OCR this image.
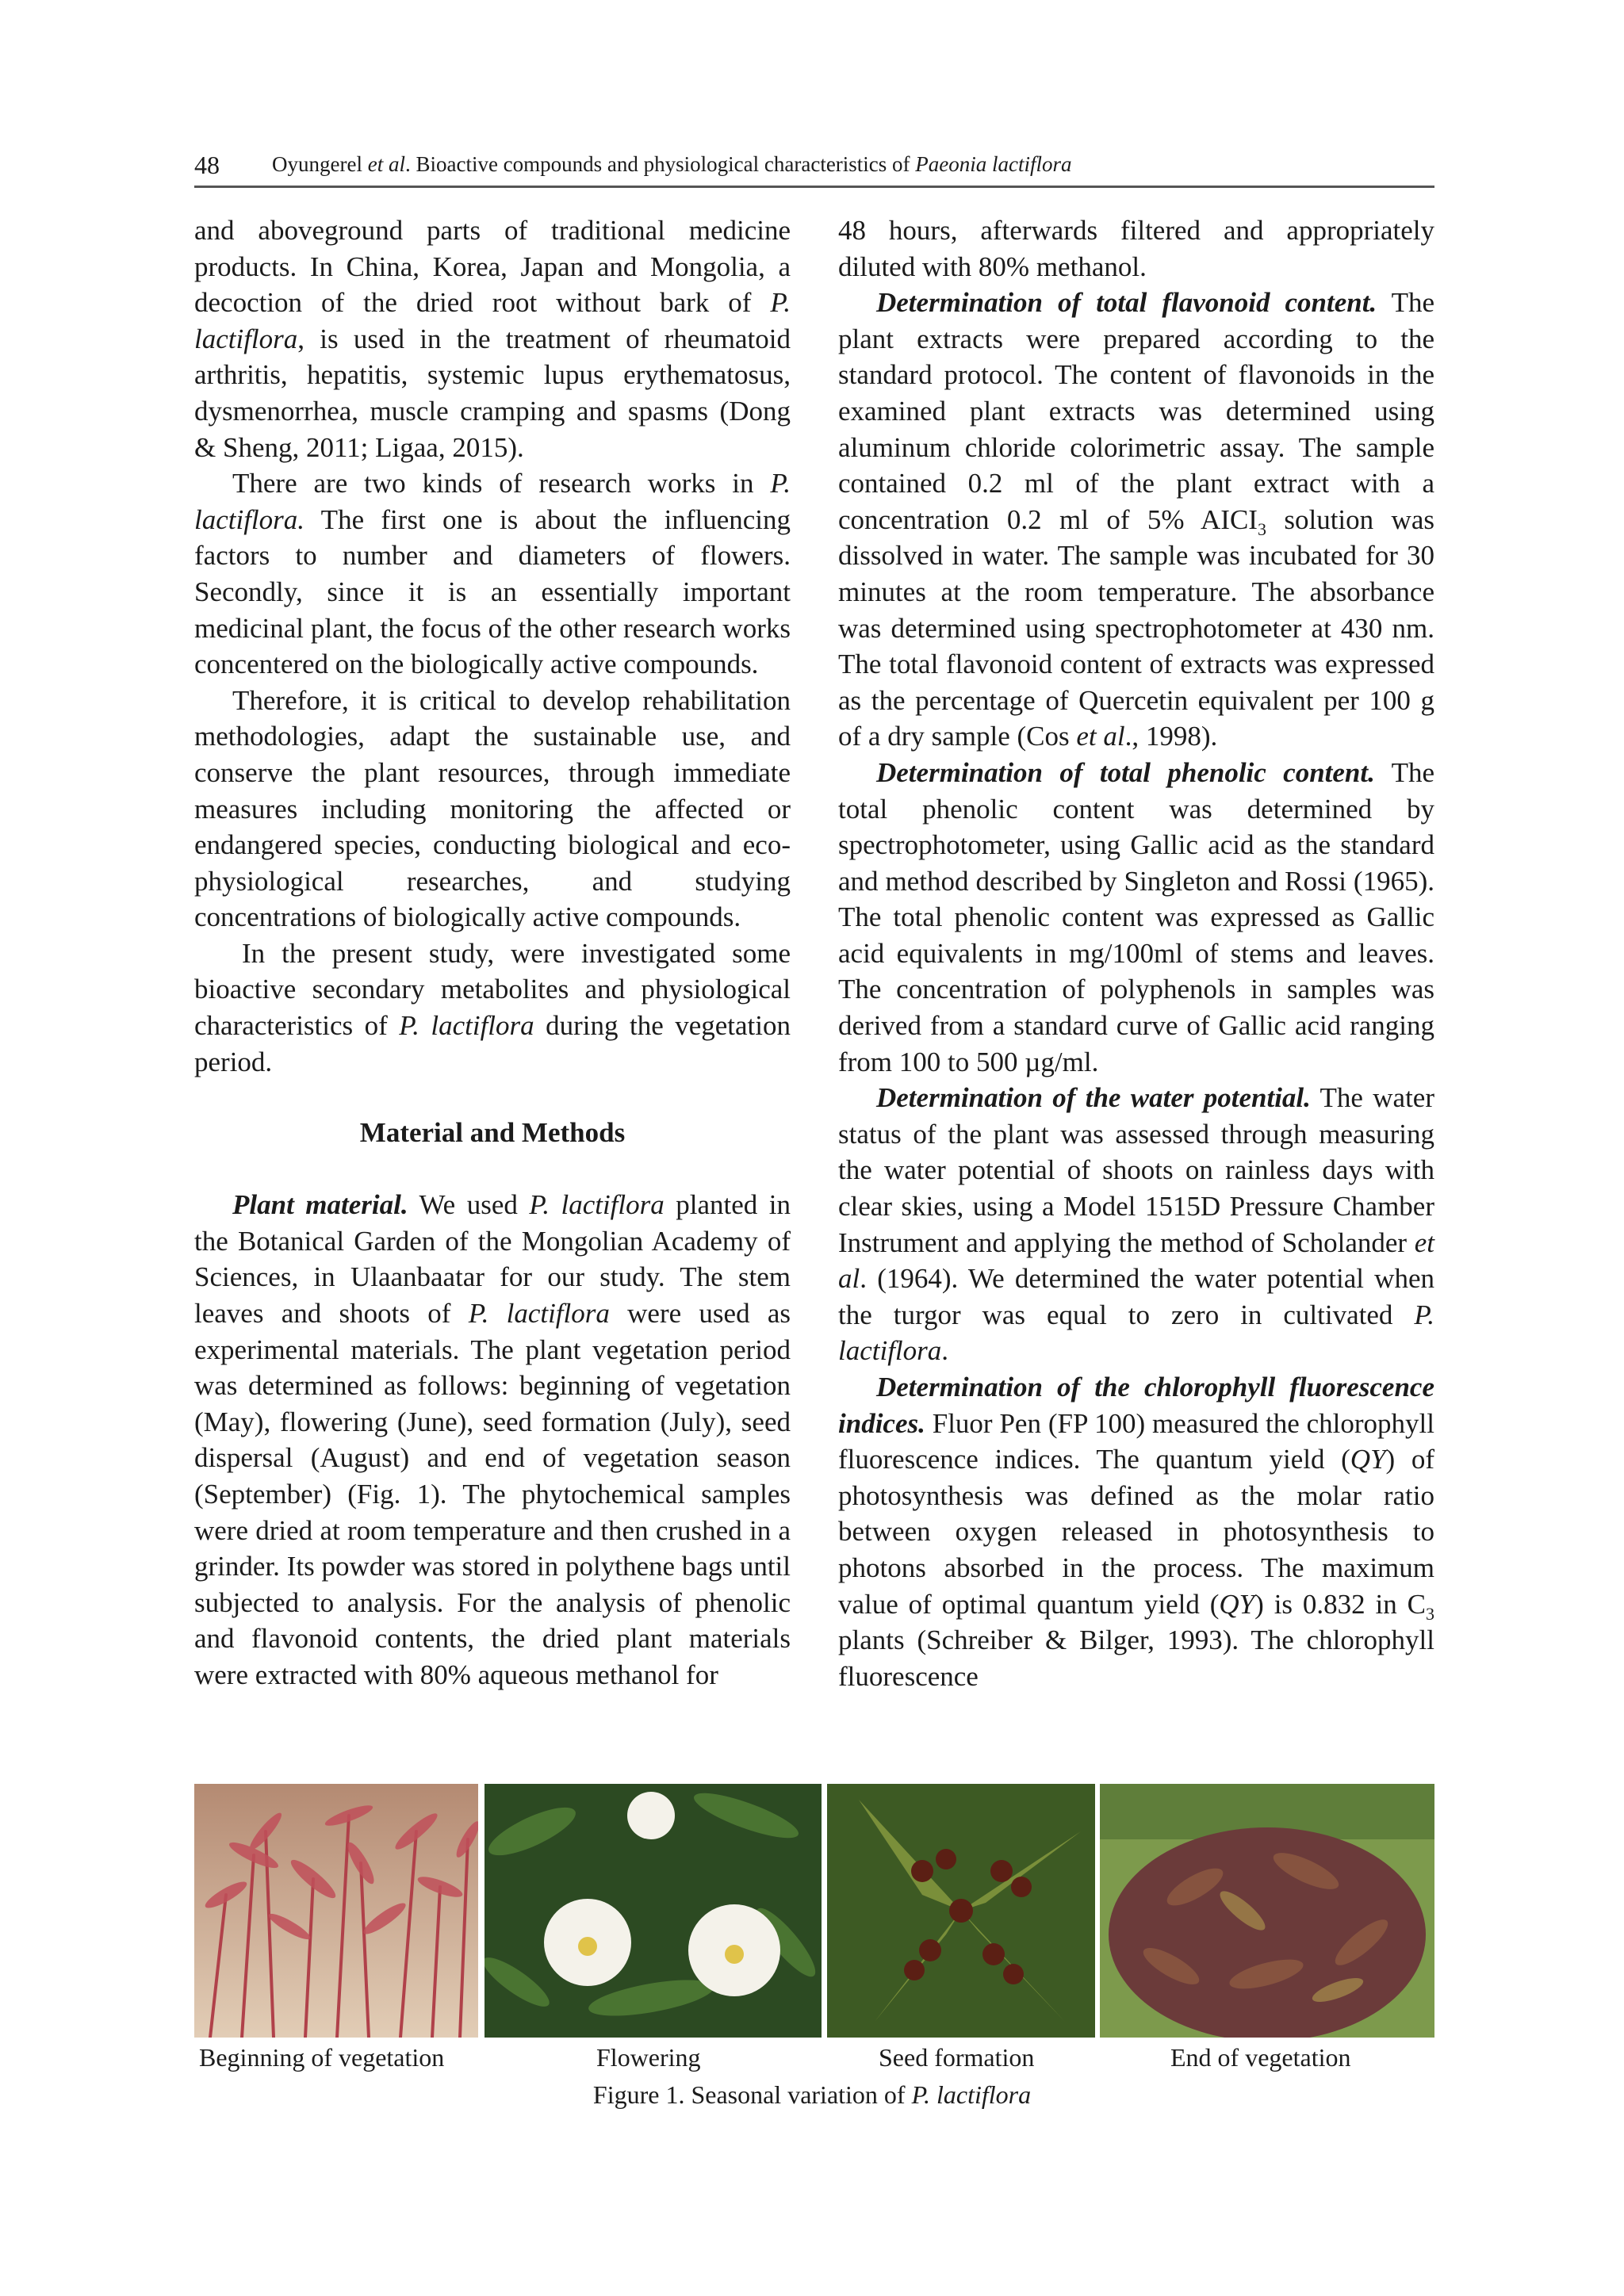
48 Oyungerel et al. Bioactive compounds and physiological characteristics of Paeonia lactiflora

and aboveground parts of traditional medicine products. In China, Korea, Japan and Mongolia, a decoction of the dried root without bark of P. lactiflora, is used in the treatment of rheumatoid arthritis, hepatitis, systemic lupus erythematosus, dysmenorrhea, muscle cramping and spasms (Dong & Sheng, 2011; Ligaa, 2015).

There are two kinds of research works in P. lactiflora. The first one is about the influencing factors to number and diameters of flowers. Secondly, since it is an essentially important medicinal plant, the focus of the other research works concentered on the biologically active compounds.

Therefore, it is critical to develop rehabilitation methodologies, adapt the sustainable use, and conserve the plant resources, through immediate measures including monitoring the affected or endangered species, conducting biological and eco-physiological researches, and studying concentrations of biologically active compounds.

In the present study, were investigated some bioactive secondary metabolites and physiological characteristics of P. lactiflora during the vegetation period.

Material and Methods

Plant material. We used P. lactiflora planted in the Botanical Garden of the Mongolian Academy of Sciences, in Ulaanbaatar for our study. The stem leaves and shoots of P. lactiflora were used as experimental materials. The plant vegetation period was determined as follows: beginning of vegetation (May), flowering (June), seed formation (July), seed dispersal (August) and end of vegetation season (September) (Fig. 1). The phytochemical samples were dried at room temperature and then crushed in a grinder. Its powder was stored in polythene bags until subjected to analysis. For the analysis of phenolic and flavonoid contents, the dried plant materials were extracted with 80% aqueous methanol for

48 hours, afterwards filtered and appropriately diluted with 80% methanol.

Determination of total flavonoid content. The plant extracts were prepared according to the standard protocol. The content of flavonoids in the examined plant extracts was determined using aluminum chloride colorimetric assay. The sample contained 0.2 ml of the plant extract with a concentration 0.2 ml of 5% $AICI_3$ solution was dissolved in water. The sample was incubated for 30 minutes at the room temperature. The absorbance was determined using spectrophotometer at 430 nm. The total flavonoid content of extracts was expressed as the percentage of Quercetin equivalent per 100 g of a dry sample (Cos et al., 1998).

Determination of total phenolic content. The total phenolic content was determined by spectrophotometer, using Gallic acid as the standard and method described by Singleton and Rossi (1965). The total phenolic content was expressed as Gallic acid equivalents in mg/100ml of stems and leaves. The concentration of polyphenols in samples was derived from a standard curve of Gallic acid ranging from 100 to 500 µg/ml.

Determination of the water potential. The water status of the plant was assessed through measuring the water potential of shoots on rainless days with clear skies, using a Model 1515D Pressure Chamber Instrument and applying the method of Scholander et al. (1964). We determined the water potential when the turgor was equal to zero in cultivated P. lactiflora.

Determination of the chlorophyll fluorescence indices. Fluor Pen (FP 100) measured the chlorophyll fluorescence indices. The quantum yield (QY) of photosynthesis was defined as the molar ratio between oxygen released in photosynthesis to photons absorbed in the process. The maximum value of optimal quantum yield (QY) is 0.832 in $C_3$ plants (Schreiber & Bilger, 1993). The chlorophyll fluorescence

Beginning of vegetation	Flowering	Seed formation	End of vegetation
Figure 1. Seasonal variation of P. lactiflora
